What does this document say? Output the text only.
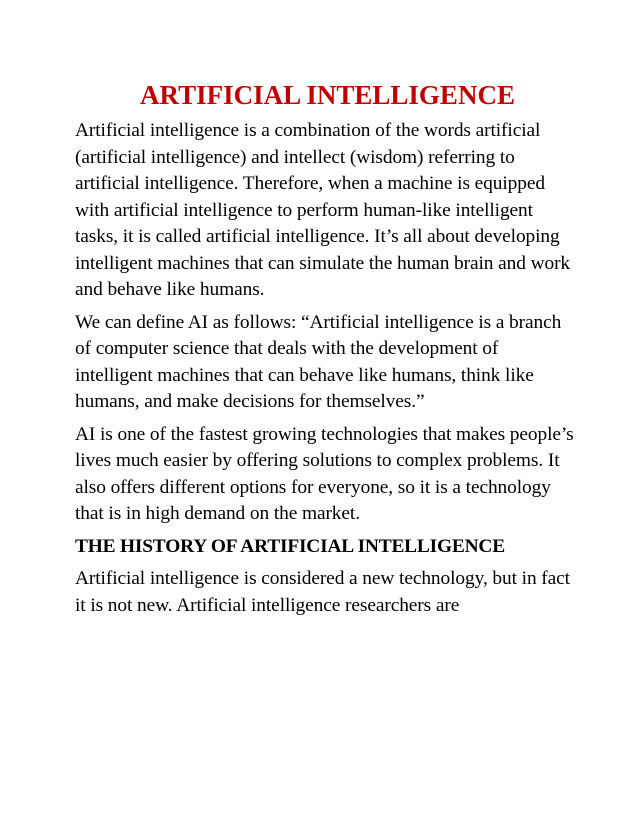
ARTIFICIAL INTELLIGENCE

Artificial intelligence is a combination of the words artificial (artificial intelligence) and intellect (wisdom) referring to artificial intelligence. Therefore, when a machine is equipped with artificial intelligence to perform human-like intelligent tasks, it is called artificial intelligence. It’s all about developing intelligent machines that can simulate the human brain and work and behave like humans.

We can define AI as follows: “Artificial intelligence is a branch of computer science that deals with the development of intelligent machines that can behave like humans, think like humans, and make decisions for themselves.”

AI is one of the fastest growing technologies that makes people’s lives much easier by offering solutions to complex problems. It also offers different options for everyone, so it is a technology that is in high demand on the market.

THE HISTORY OF ARTIFICIAL INTELLIGENCE

Artificial intelligence is considered a new technology, but in fact it is not new. Artificial intelligence researchers are
